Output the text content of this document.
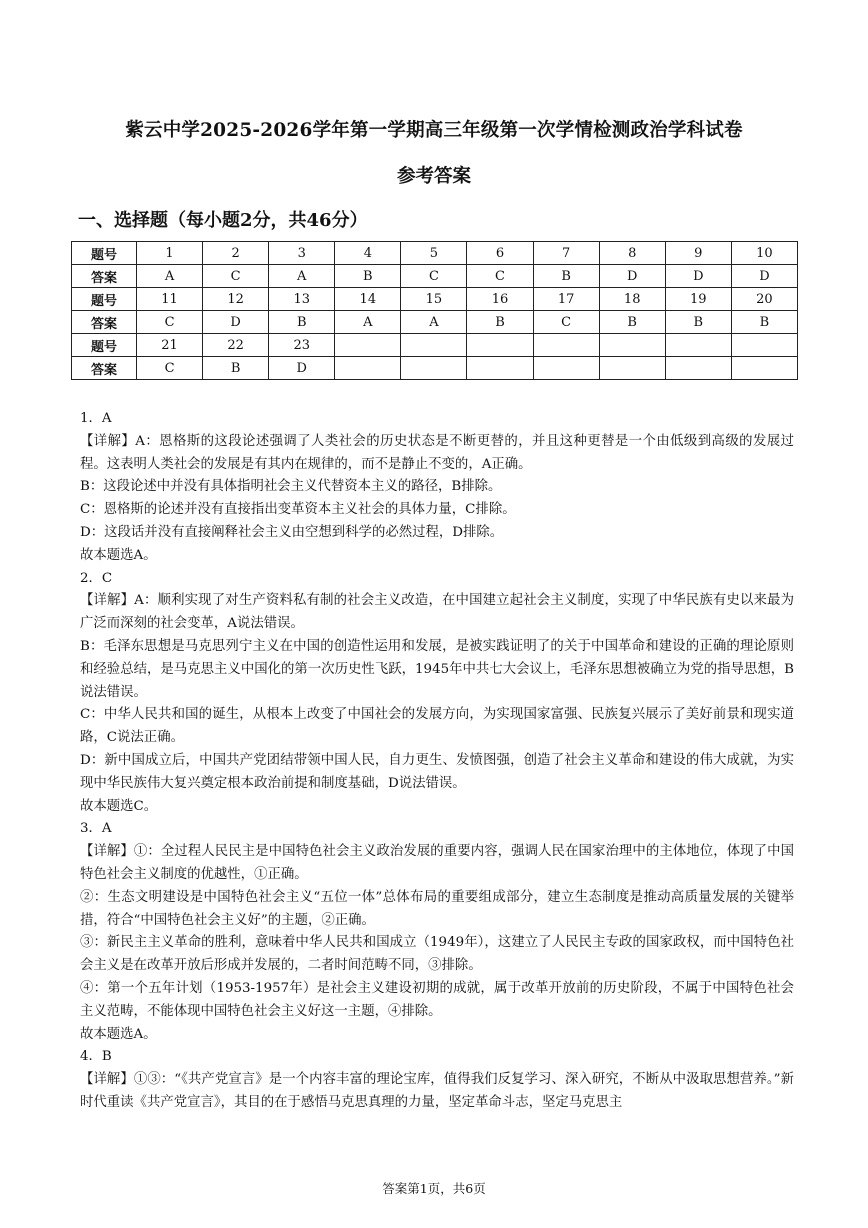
紫云中学2025-2026学年第一学期高三年级第一次学情检测政治学科试卷
参考答案
一、选择题（每小题2分，共46分）
题号	1	2	3	4	5	6	7	8	9	10
答案	A	C	A	B	C	C	B	D	D	D
题号	11	12	13	14	15	16	17	18	19	20
答案	C	D	B	A	A	B	C	B	B	B
题号	21	22	23							
答案	C	B	D							

1．A

【详解】A：恩格斯的这段论述强调了人类社会的历史状态是不断更替的，并且这种更替是一个由低级到高级的发展过程。这表明人类社会的发展是有其内在规律的，而不是静止不变的，A正确。

B：这段论述中并没有具体指明社会主义代替资本主义的路径，B排除。

C：恩格斯的论述并没有直接指出变革资本主义社会的具体力量，C排除。

D：这段话并没有直接阐释社会主义由空想到科学的必然过程，D排除。

故本题选A。

2．C

【详解】A：顺利实现了对生产资料私有制的社会主义改造，在中国建立起社会主义制度，实现了中华民族有史以来最为广泛而深刻的社会变革，A说法错误。

B：毛泽东思想是马克思列宁主义在中国的创造性运用和发展，是被实践证明了的关于中国革命和建设的正确的理论原则和经验总结，是马克思主义中国化的第一次历史性飞跃，1945年中共七大会议上，毛泽东思想被确立为党的指导思想，B说法错误。

C：中华人民共和国的诞生，从根本上改变了中国社会的发展方向，为实现国家富强、民族复兴展示了美好前景和现实道路，C说法正确。

D：新中国成立后，中国共产党团结带领中国人民，自力更生、发愤图强，创造了社会主义革命和建设的伟大成就，为实现中华民族伟大复兴奠定根本政治前提和制度基础，D说法错误。

故本题选C。

3．A

【详解】①：全过程人民民主是中国特色社会主义政治发展的重要内容，强调人民在国家治理中的主体地位，体现了中国特色社会主义制度的优越性，①正确。

②：生态文明建设是中国特色社会主义“五位一体”总体布局的重要组成部分，建立生态制度是推动高质量发展的关键举措，符合“中国特色社会主义好”的主题，②正确。

③：新民主主义革命的胜利，意味着中华人民共和国成立（1949年），这建立了人民民主专政的国家政权，而中国特色社会主义是在改革开放后形成并发展的，二者时间范畴不同，③排除。

④：第一个五年计划（1953-1957年）是社会主义建设初期的成就，属于改革开放前的历史阶段，不属于中国特色社会主义范畴，不能体现中国特色社会主义好这一主题，④排除。

故本题选A。

4．B

【详解】①③：“《共产党宣言》是一个内容丰富的理论宝库，值得我们反复学习、深入研究，不断从中汲取思想营养。”新时代重读《共产党宣言》，其目的在于感悟马克思真理的力量，坚定革命斗志，坚定马克思主

答案第1页，共6页
